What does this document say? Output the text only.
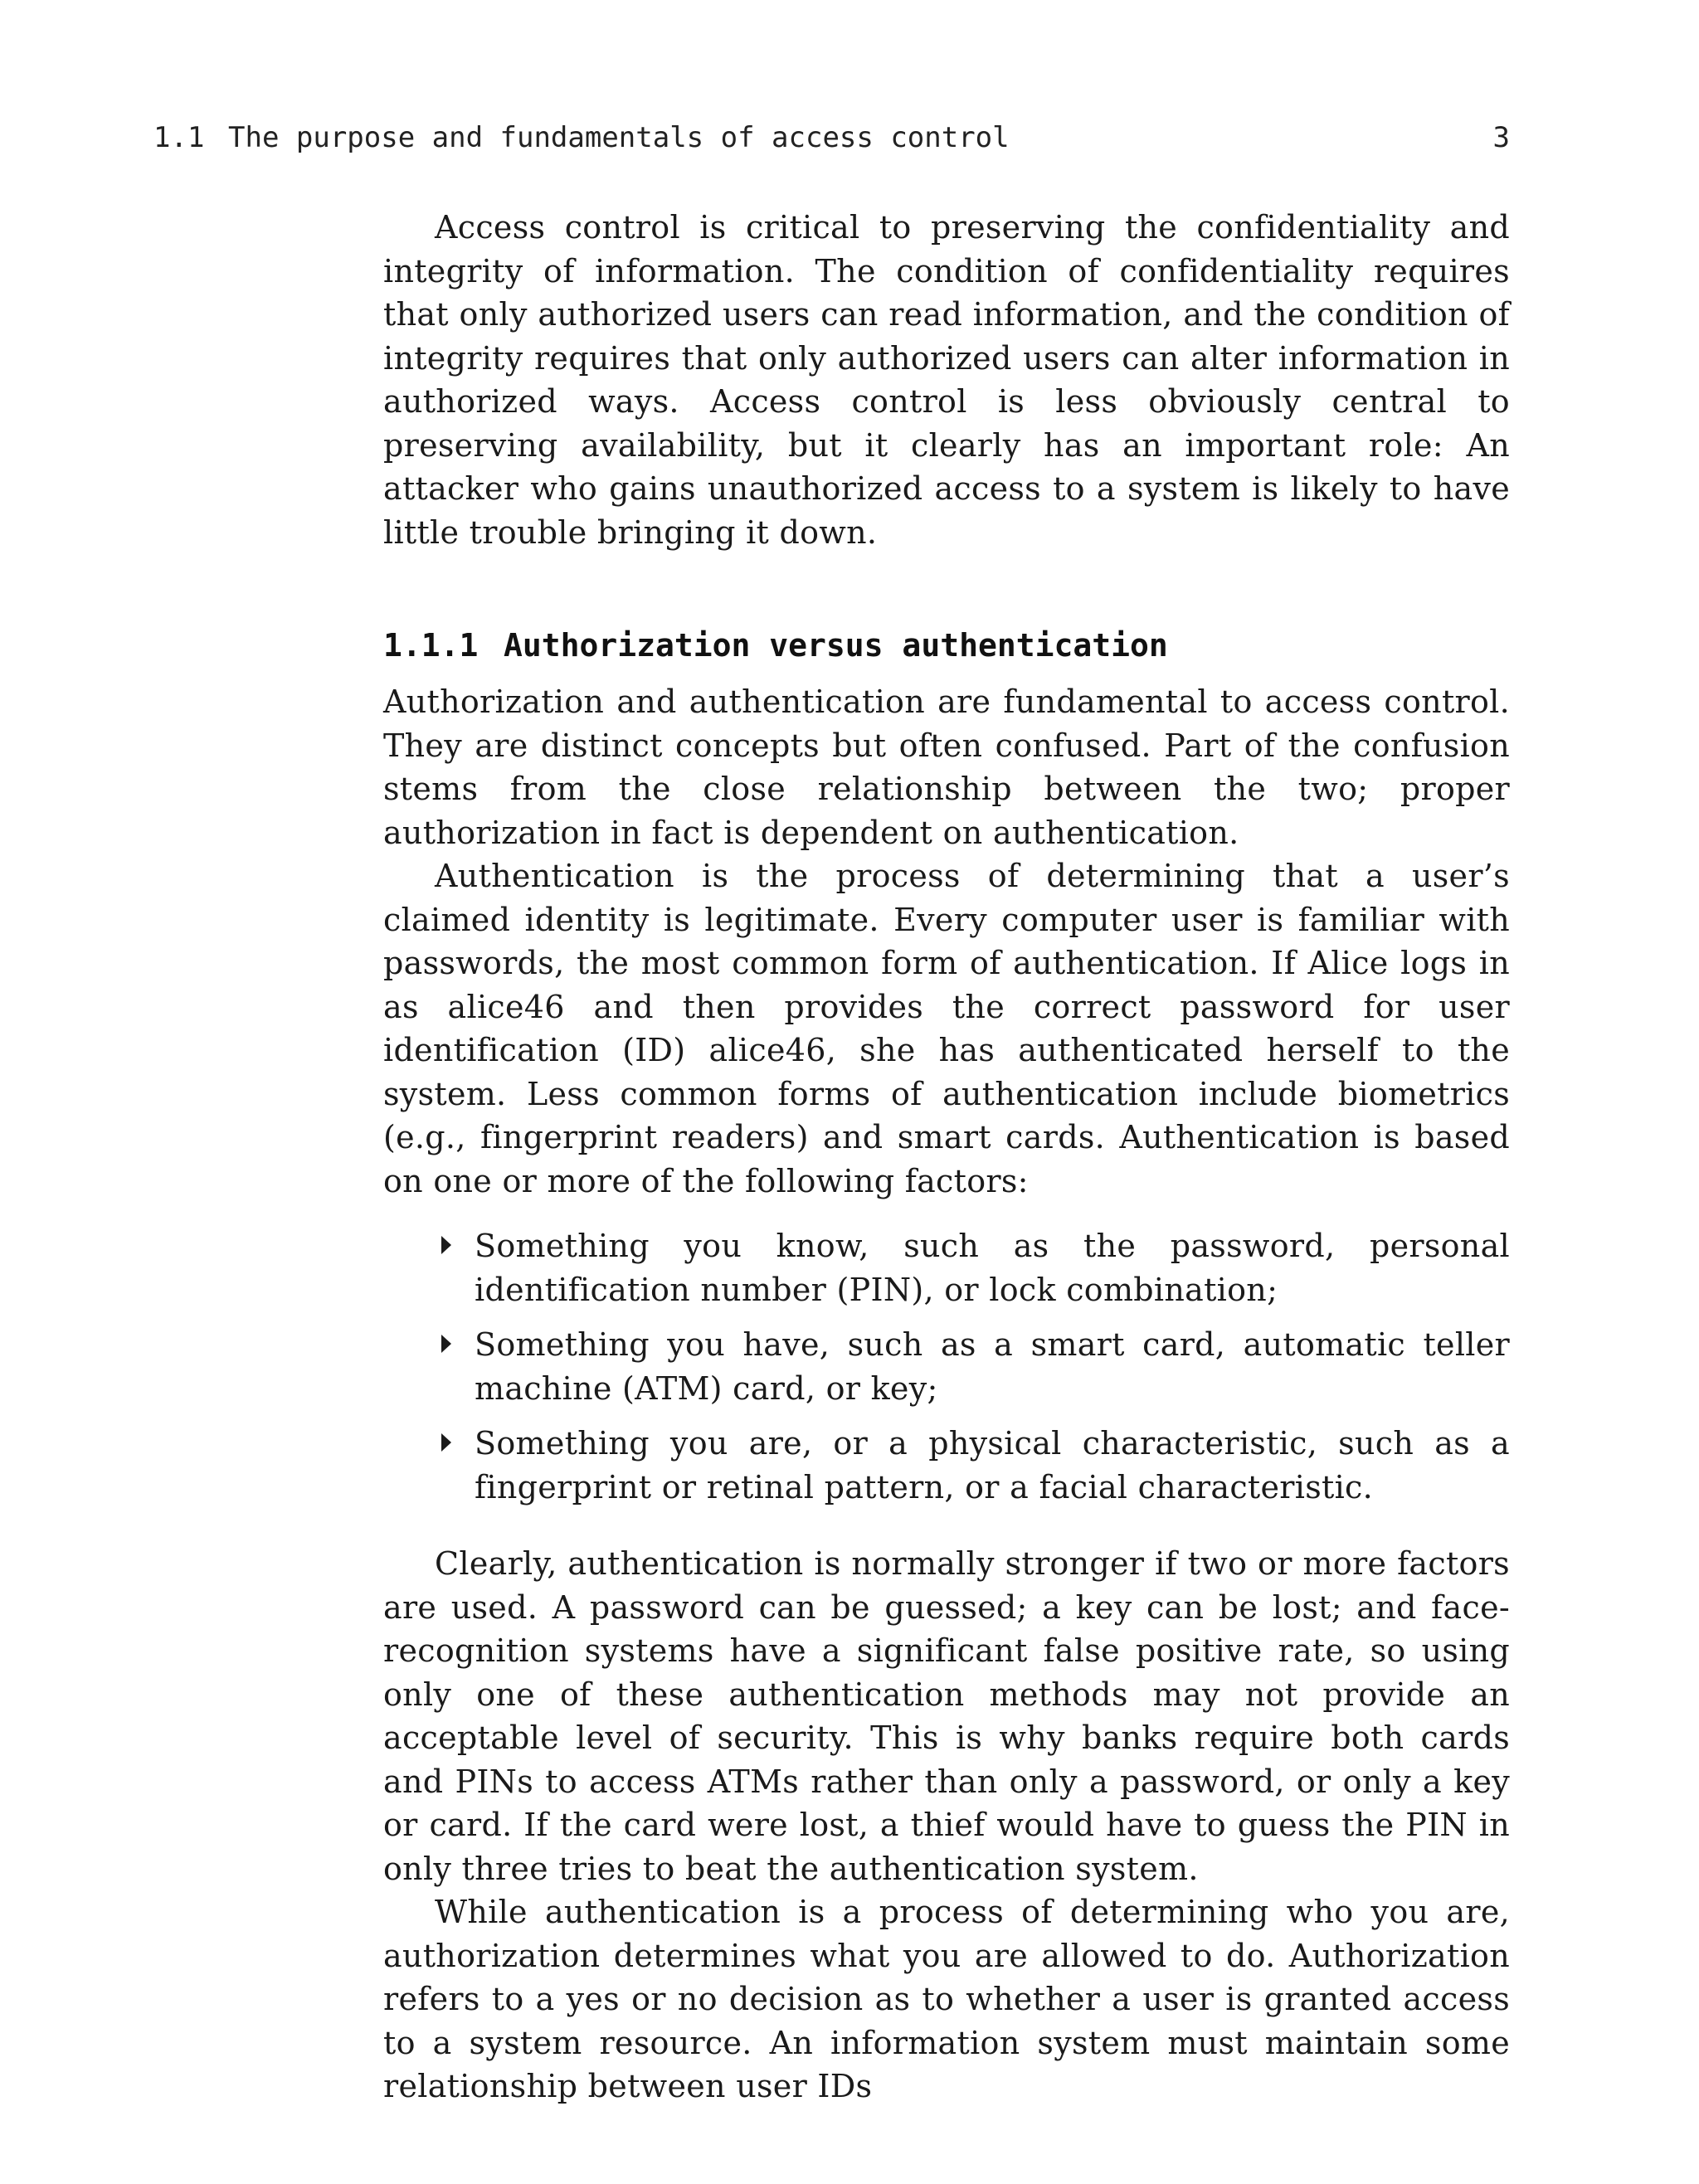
1.1 The purpose and fundamentals of access control	3

Access control is critical to preserving the confidentiality and integrity of information. The condition of confidentiality requires that only authorized users can read information, and the condition of integrity requires that only authorized users can alter information in authorized ways. Access control is less obviously central to preserving availability, but it clearly has an important role: An attacker who gains unauthorized access to a system is likely to have little trouble bringing it down.

1.1.1 Authorization versus authentication

Authorization and authentication are fundamental to access control. They are distinct concepts but often confused. Part of the confusion stems from the close relationship between the two; proper authorization in fact is dependent on authentication.

Authentication is the process of determining that a user’s claimed identity is legitimate. Every computer user is familiar with passwords, the most common form of authentication. If Alice logs in as alice46 and then provides the correct password for user identification (ID) alice46, she has authenticated herself to the system. Less common forms of authentication include biometrics (e.g., fingerprint readers) and smart cards. Authentication is based on one or more of the following factors:

Something you know, such as the password, personal identification number (PIN), or lock combination;

Something you have, such as a smart card, automatic teller machine (ATM) card, or key;

Something you are, or a physical characteristic, such as a fingerprint or retinal pattern, or a facial characteristic.

Clearly, authentication is normally stronger if two or more factors are used. A password can be guessed; a key can be lost; and face-recognition systems have a significant false positive rate, so using only one of these authentication methods may not provide an acceptable level of security. This is why banks require both cards and PINs to access ATMs rather than only a password, or only a key or card. If the card were lost, a thief would have to guess the PIN in only three tries to beat the authentication system.

While authentication is a process of determining who you are, authorization determines what you are allowed to do. Authorization refers to a yes or no decision as to whether a user is granted access to a system resource. An information system must maintain some relationship between user IDs
